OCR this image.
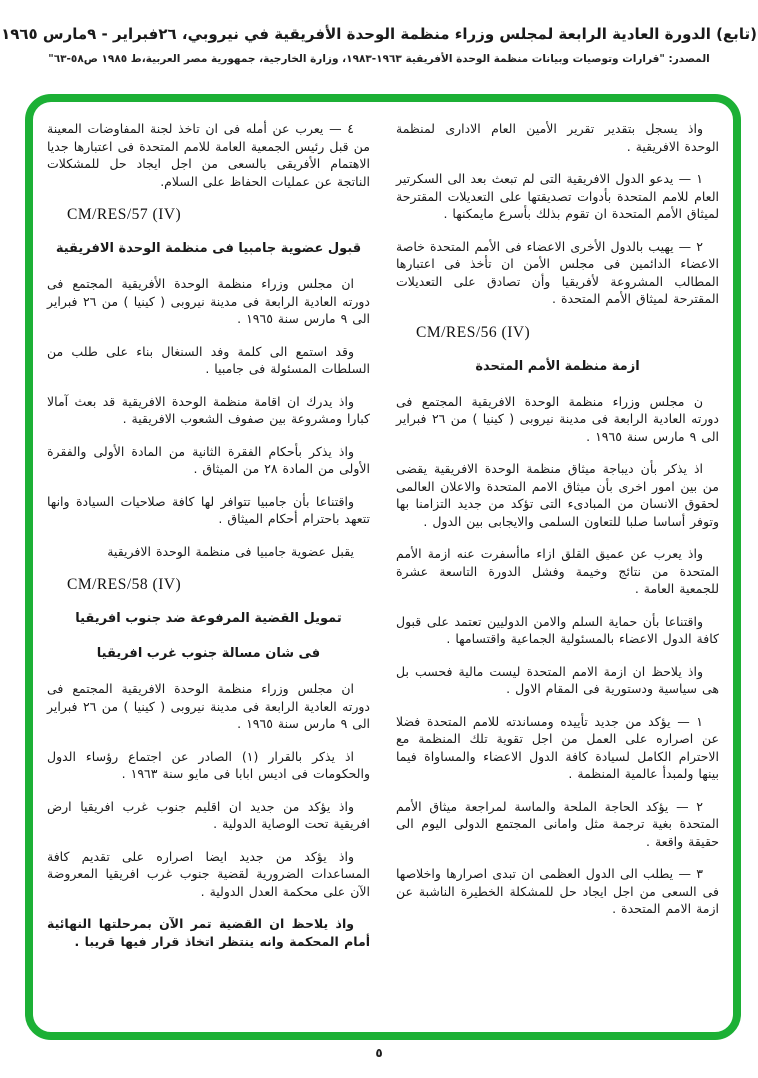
(تابع) الدورة العادية الرابعة لمجلس وزراء منظمة الوحدة الأفريقية في نيروبي، ٢٦فبراير - ٩مارس ١٩٦٥
المصدر: "قرارات وتوصيات وبيانات منظمة الوحدة الأفريقية ١٩٦٣-١٩٨٣، وزارة الخارجية، جمهورية مصر العربية،ط ١٩٨٥ ص٥٨-٦٣"

واذ يسجل بتقدير تقرير الأمين العام الادارى لمنظمة الوحدة الافريقية .

١ — يدعو الدول الافريقية التى لم تبعث بعد الى السكرتير العام للامم المتحدة بأدوات تصديقتها على التعديلات المقترحة لميثاق الأمم المتحدة ان تقوم بذلك بأسرع مايمكنها .

٢ — يهيب بالدول الأخرى الاعضاء فى الأمم المتحدة خاصة الاعضاء الدائمين فى مجلس الأمن ان تأخذ فى اعتبارها المطالب المشروعة لأفريقيا وأن تصادق على التعديلات المقترحة لميثاق الأمم المتحدة .

CM/RES/56 (IV)
ازمة منظمة الأمم المتحدة

ن مجلس وزراء منظمة الوحدة الافريقية المجتمع فى دورته العادية الرابعة فى مدينة نيروبى ( كينيا ) من ٢٦ فبراير الى ٩ مارس سنة ١٩٦٥ .

اذ يذكر بأن ديباجة ميثاق منظمة الوحدة الافريقية يقضى من بين امور اخرى بأن ميثاق الامم المتحدة والاعلان العالمى لحقوق الانسان من المبادىء التى تؤكد من جديد التزامنا بها وتوفر أساسا صلبا للتعاون السلمى والايجابى بين الدول .

واذ يعرب عن عميق القلق ازاء ماأسفرت عنه ازمة الأمم المتحدة من نتائج وخيمة وفشل الدورة التاسعة عشرة للجمعية العامة .

واقتناعا بأن حماية السلم والامن الدوليين تعتمد على قبول كافة الدول الاعضاء بالمسئولية الجماعية واقتسامها .

واذ يلاحظ ان ازمة الامم المتحدة ليست مالية فحسب بل هى سياسية ودستورية فى المقام الاول .

١ — يؤكد من جديد تأييده ومساندته للامم المتحدة فضلا عن اصراره على العمل من اجل تقوية تلك المنظمة مع الاحترام الكامل لسيادة كافة الدول الاعضاء والمساواة فيما بينها ولمبدأ عالمية المنظمة .

٢ — يؤكد الحاجة الملحة والماسة لمراجعة ميثاق الأمم المتحدة بغية ترجمة مثل وامانى المجتمع الدولى اليوم الى حقيقة واقعة .

٣ — يطلب الى الدول العظمى ان تبدى اصرارها واخلاصها فى السعى من اجل ايجاد حل للمشكلة الخطيرة الناشبة عن ازمة الامم المتحدة .

٤ — يعرب عن أمله فى ان تاخذ لجنة المفاوضات المعينة من قبل رئيس الجمعية العامة للامم المتحدة فى اعتبارها جديا الاهتمام الأفريقى بالسعى من اجل ايجاد حل للمشكلات الناتجة عن عمليات الحفاظ على السلام.

CM/RES/57 (IV)
قبول عضوية جامبيا فى منظمة الوحدة الافريقية

ان مجلس وزراء منظمة الوحدة الأفريقية المجتمع فى دورته العادية الرابعة فى مدينة نيروبى ( كينيا ) من ٢٦ فبراير الى ٩ مارس سنة ١٩٦٥ .

وقد استمع الى كلمة وفد السنغال بناء على طلب من السلطات المسئولة فى جامبيا .

واذ يدرك ان اقامة منظمة الوحدة الافريقية قد بعث آمالا كبارا ومشروعة بين صفوف الشعوب الافريقية .

واذ يذكر بأحكام الفقرة الثانية من المادة الأولى والفقرة الأولى من المادة ٢٨ من الميثاق .

واقتناعا بأن جامبيا تتوافر لها كافة صلاحيات السيادة وانها تتعهد باحترام أحكام الميثاق .

يقبل عضوية جامبيا فى منظمة الوحدة الافريقية

CM/RES/58 (IV)
تمويل القضية المرفوعة ضد جنوب افريقيا
فى شان مسالة جنوب غرب افريقيا

ان مجلس وزراء منظمة الوحدة الافريقية المجتمع فى دورته العادية الرابعة فى مدينة نيروبى ( كينيا ) من ٢٦ فبراير الى ٩ مارس سنة ١٩٦٥ .

اذ يذكر بالقرار (١) الصادر عن اجتماع رؤساء الدول والحكومات فى اديس ابابا فى مايو سنة ١٩٦٣ .

واذ يؤكد من جديد ان اقليم جنوب غرب افريقيا ارض افريقية تحت الوصاية الدولية .

واذ يؤكد من جديد ايضا اصراره على تقديم كافة المساعدات الضرورية لقضية جنوب غرب افريقيا المعروضة الآن على محكمة العدل الدولية .

واذ يلاحظ ان القضية تمر الآن بمرحلتها النهائية أمام المحكمة وانه ينتظر اتخاذ قرار فيها قريبا .

٥
